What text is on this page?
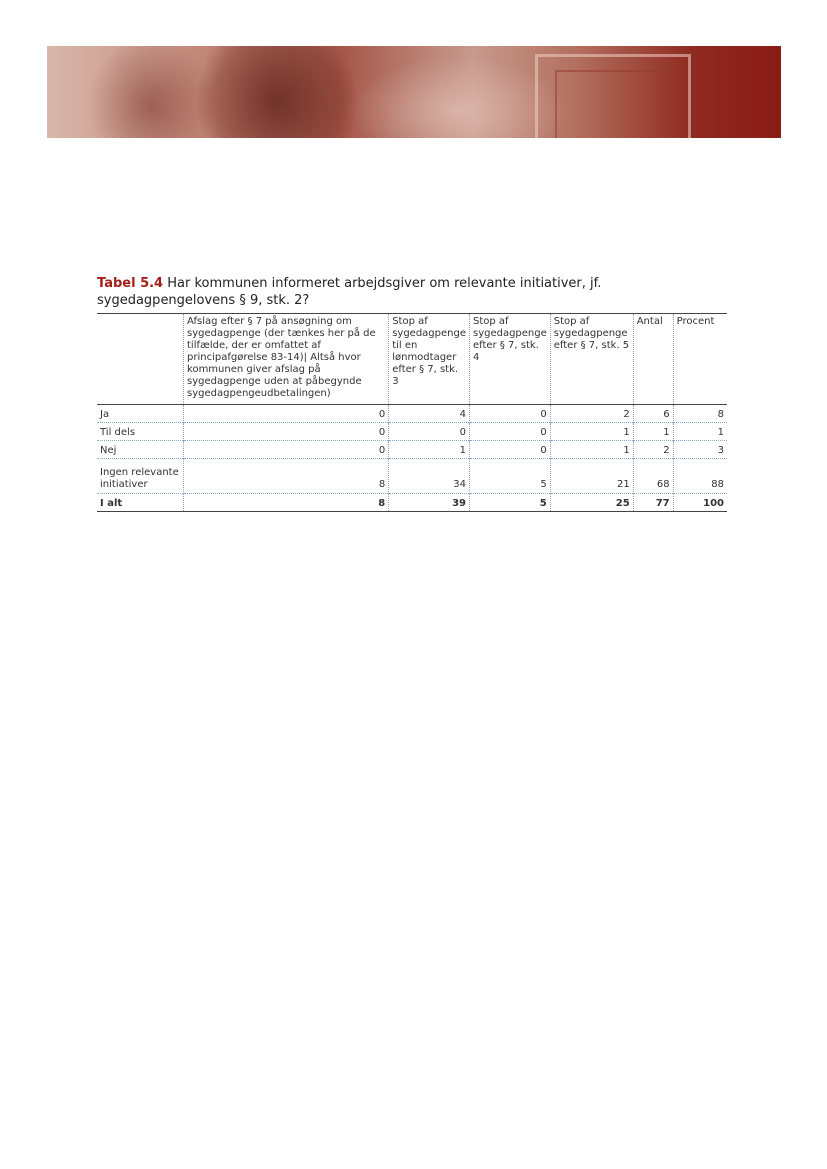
Tabel 5.4 Har kommunen informeret arbejdsgiver om relevante initiativer, jf. sygedagpengelovens § 9, stk. 2?
	Afslag efter § 7 på ansøgning om sygedagpenge (der tænkes her på de tilfælde, der er omfattet af principafgørelse 83-14)| Altså hvor kommunen giver afslag på sygedagpenge uden at påbegynde sygedagpengeudbetalingen)	Stop af sygedagpenge til en lønmodtager efter § 7, stk. 3	Stop af sygedagpenge efter § 7, stk. 4	Stop af sygedagpenge efter § 7, stk. 5	Antal	Procent
Ja	0	4	0	2	6	8
Til dels	0	0	0	1	1	1
Nej	0	1	0	1	2	3
Ingen relevante initiativer	8	34	5	21	68	88
I alt	8	39	5	25	77	100
